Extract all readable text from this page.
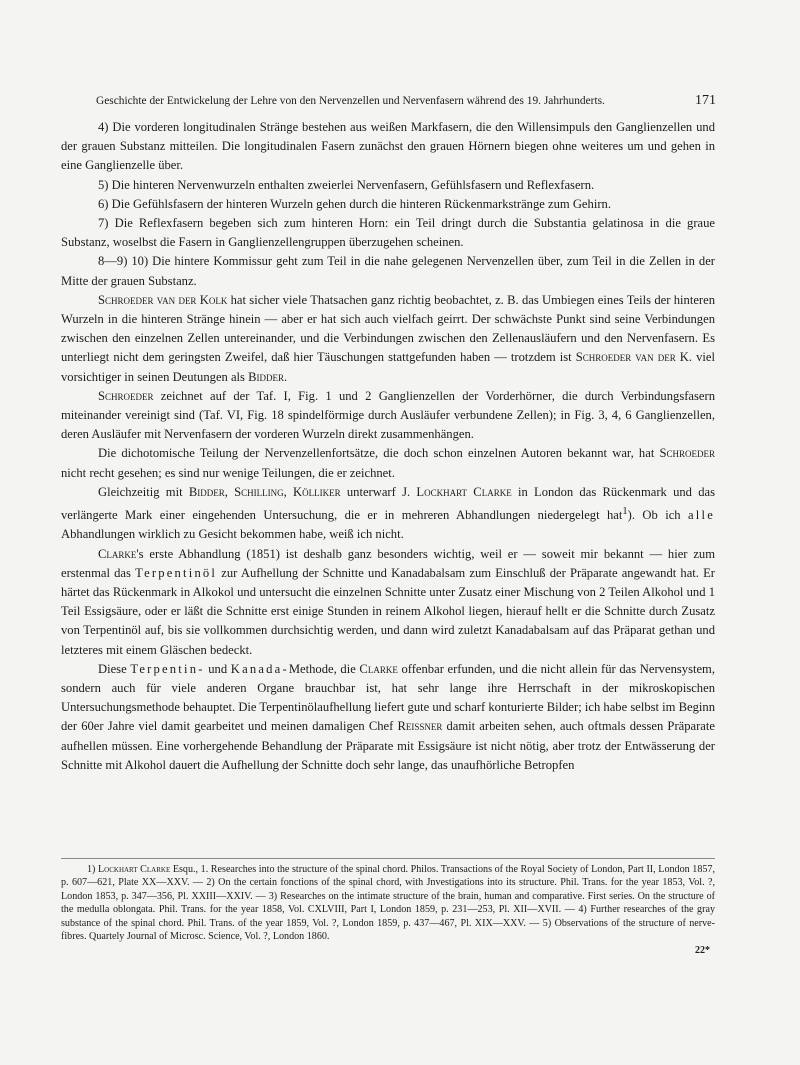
Geschichte der Entwickelung der Lehre von den Nervenzellen und Nervenfasern während des 19. Jahrhunderts.	171

4) Die vorderen longitudinalen Stränge bestehen aus weißen Markfasern, die den Willensimpuls den Ganglienzellen und der grauen Substanz mitteilen. Die longitudinalen Fasern zunächst den grauen Hörnern biegen ohne weiteres um und gehen in eine Ganglienzelle über.

5) Die hinteren Nervenwurzeln enthalten zweierlei Nervenfasern, Gefühlsfasern und Reflexfasern.

6) Die Gefühlsfasern der hinteren Wurzeln gehen durch die hinteren Rückenmarkstränge zum Gehirn.

7) Die Reflexfasern begeben sich zum hinteren Horn: ein Teil dringt durch die Substantia gelatinosa in die graue Substanz, woselbst die Fasern in Ganglienzellengruppen überzugehen scheinen.

8—9) 10) Die hintere Kommissur geht zum Teil in die nahe gelegenen Nervenzellen über, zum Teil in die Zellen in der Mitte der grauen Substanz.

Schroeder van der Kolk hat sicher viele Thatsachen ganz richtig beobachtet, z. B. das Umbiegen eines Teils der hinteren Wurzeln in die hinteren Stränge hinein — aber er hat sich auch vielfach geirrt. Der schwächste Punkt sind seine Verbindungen zwischen den einzelnen Zellen untereinander, und die Verbindungen zwischen den Zellenausläufern und den Nervenfasern. Es unterliegt nicht dem geringsten Zweifel, daß hier Täuschungen stattgefunden haben — trotzdem ist Schroeder van der K. viel vorsichtiger in seinen Deutungen als Bidder.

Schroeder zeichnet auf der Taf. I, Fig. 1 und 2 Ganglienzellen der Vorderhörner, die durch Verbindungsfasern miteinander vereinigt sind (Taf. VI, Fig. 18 spindelförmige durch Ausläufer verbundene Zellen); in Fig. 3, 4, 6 Ganglienzellen, deren Ausläufer mit Nervenfasern der vorderen Wurzeln direkt zusammenhängen.

Die dichotomische Teilung der Nervenzellenfortsätze, die doch schon einzelnen Autoren bekannt war, hat Schroeder nicht recht gesehen; es sind nur wenige Teilungen, die er zeichnet.

Gleichzeitig mit Bidder, Schilling, Kölliker unterwarf J. Lockhart Clarke in London das Rückenmark und das verlängerte Mark einer eingehenden Untersuchung, die er in mehreren Abhandlungen niedergelegt hat$^1$). Ob ich alle Abhandlungen wirklich zu Gesicht bekommen habe, weiß ich nicht.

Clarke's erste Abhandlung (1851) ist deshalb ganz besonders wichtig, weil er — soweit mir bekannt — hier zum erstenmal das Terpentinöl zur Aufhellung der Schnitte und Kanadabalsam zum Einschluß der Präparate angewandt hat. Er härtet das Rückenmark in Alkokol und untersucht die einzelnen Schnitte unter Zusatz einer Mischung von 2 Teilen Alkohol und 1 Teil Essigsäure, oder er läßt die Schnitte erst einige Stunden in reinem Alkohol liegen, hierauf hellt er die Schnitte durch Zusatz von Terpentinöl auf, bis sie vollkommen durchsichtig werden, und dann wird zuletzt Kanadabalsam auf das Präparat gethan und letzteres mit einem Gläschen bedeckt.

Diese Terpentin- und Kanada-Methode, die Clarke offenbar erfunden, und die nicht allein für das Nervensystem, sondern auch für viele anderen Organe brauchbar ist, hat sehr lange ihre Herrschaft in der mikroskopischen Untersuchungsmethode behauptet. Die Terpentinölaufhellung liefert gute und scharf konturierte Bilder; ich habe selbst im Beginn der 60er Jahre viel damit gearbeitet und meinen damaligen Chef Reissner damit arbeiten sehen, auch oftmals dessen Präparate aufhellen müssen. Eine vorhergehende Behandlung der Präparate mit Essigsäure ist nicht nötig, aber trotz der Entwässerung der Schnitte mit Alkohol dauert die Aufhellung der Schnitte doch sehr lange, das unaufhörliche Betropfen

1) Lockhart Clarke Esqu., 1. Researches into the structure of the spinal chord. Philos. Transactions of the Royal Society of London, Part II, London 1857, p. 607—621, Plate XX—XXV. — 2) On the certain fonctions of the spinal chord, with Jnvestigations into its structure. Phil. Trans. for the year 1853, Vol. ?, London 1853, p. 347—356, Pl. XXIII—XXIV. — 3) Researches on the intimate structure of the brain, human and comparative. First series. On the structure of the medulla oblongata. Phil. Trans. for the year 1858, Vol. CXLVIII, Part I, London 1859, p. 231—253, Pl. XII—XVII. — 4) Further researches of the gray substance of the spinal chord. Phil. Trans. of the year 1859, Vol. ?, London 1859, p. 437—467, Pl. XIX—XXV. — 5) Observations of the structure of nerve-fibres. Quartely Journal of Microsc. Science, Vol. ?, London 1860.

22*
